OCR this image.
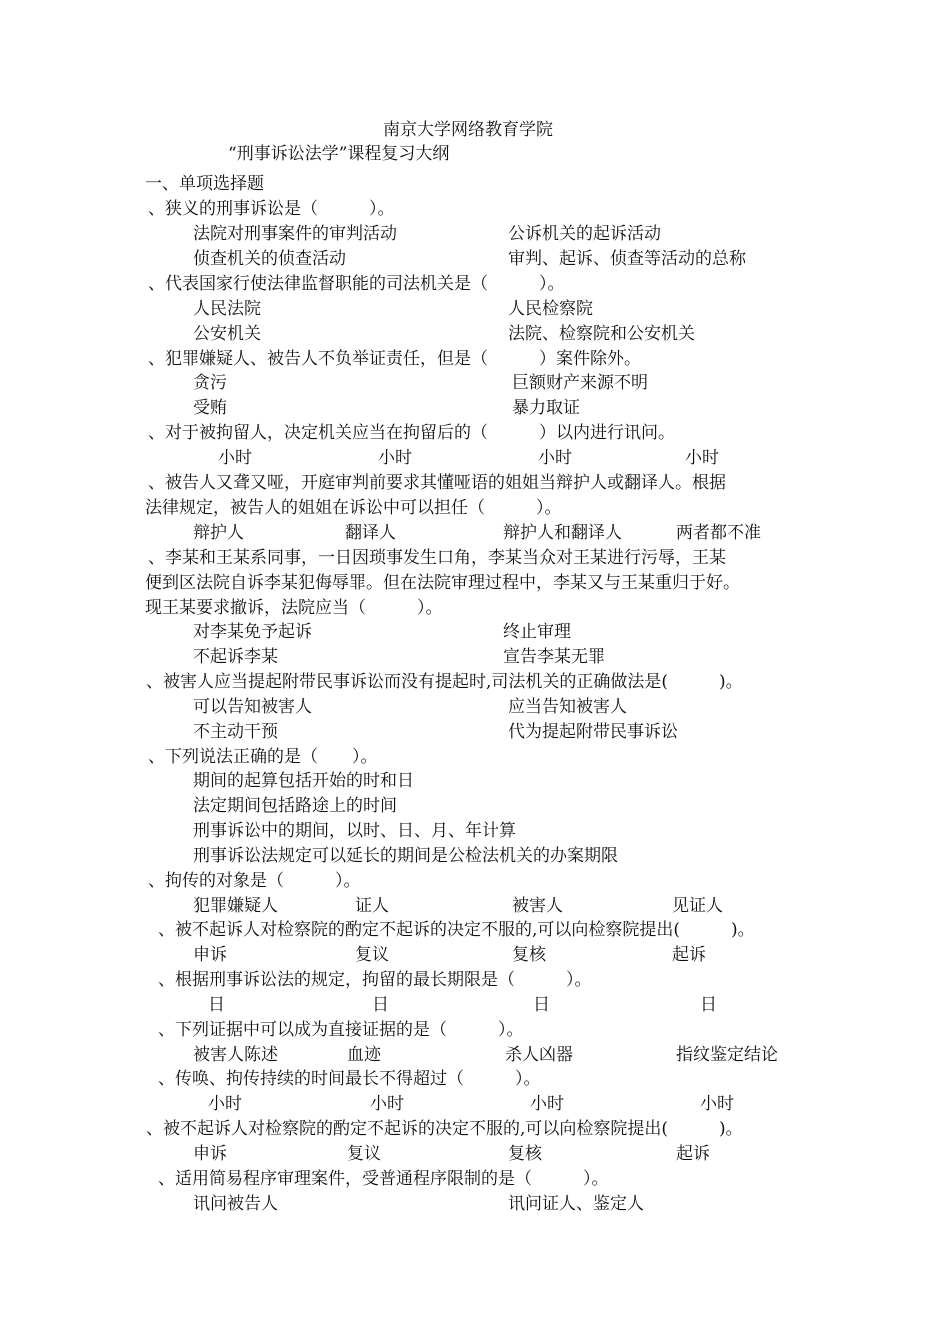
南京大学网络教育学院
“刑事诉讼法学”课程复习大纲
一、单项选择题
、狭义的刑事诉讼是（　　　）。
法院对刑事案件的审判活动	公诉机关的起诉活动
侦查机关的侦查活动	审判、起诉、侦查等活动的总称
、代表国家行使法律监督职能的司法机关是（　　　）。
人民法院	人民检察院
公安机关	法院、检察院和公安机关
、犯罪嫌疑人、被告人不负举证责任，但是（　　　）案件除外。
贪污	巨额财产来源不明
受贿	暴力取证
、对于被拘留人，决定机关应当在拘留后的（　　　）以内进行讯问。
小时	小时	小时	小时
、被告人又聋又哑，开庭审判前要求其懂哑语的姐姐当辩护人或翻译人。根据
法律规定，被告人的姐姐在诉讼中可以担任（　　　）。
辩护人	翻译人	辩护人和翻译人	两者都不准
、李某和王某系同事，一日因琐事发生口角，李某当众对王某进行污辱，王某
便到区法院自诉李某犯侮辱罪。但在法院审理过程中，李某又与王某重归于好。
现王某要求撤诉，法院应当（　　　）。
对李某免予起诉	终止审理
不起诉李某	宣告李某无罪
、被害人应当提起附带民事诉讼而没有提起时,司法机关的正确做法是(　　　)。
可以告知被害人	应当告知被害人
不主动干预	代为提起附带民事诉讼
、下列说法正确的是（　　）。
期间的起算包括开始的时和日
法定期间包括路途上的时间
刑事诉讼中的期间，以时、日、月、年计算
刑事诉讼法规定可以延长的期间是公检法机关的办案期限
、拘传的对象是（　　　）。
犯罪嫌疑人	证人	被害人	见证人
、被不起诉人对检察院的酌定不起诉的决定不服的,可以向检察院提出(　　　)。
申诉	复议	复核	起诉
、根据刑事诉讼法的规定，拘留的最长期限是（　　　）。
日	日	日	日
、下列证据中可以成为直接证据的是（　　　）。
被害人陈述	血迹	杀人凶器	指纹鉴定结论
、传唤、拘传持续的时间最长不得超过（　　　）。
小时	小时	小时	小时
、被不起诉人对检察院的酌定不起诉的决定不服的,可以向检察院提出(　　　)。
申诉	复议	复核	起诉
、适用简易程序审理案件，受普通程序限制的是（　　　）。
讯问被告人	讯问证人、鉴定人
